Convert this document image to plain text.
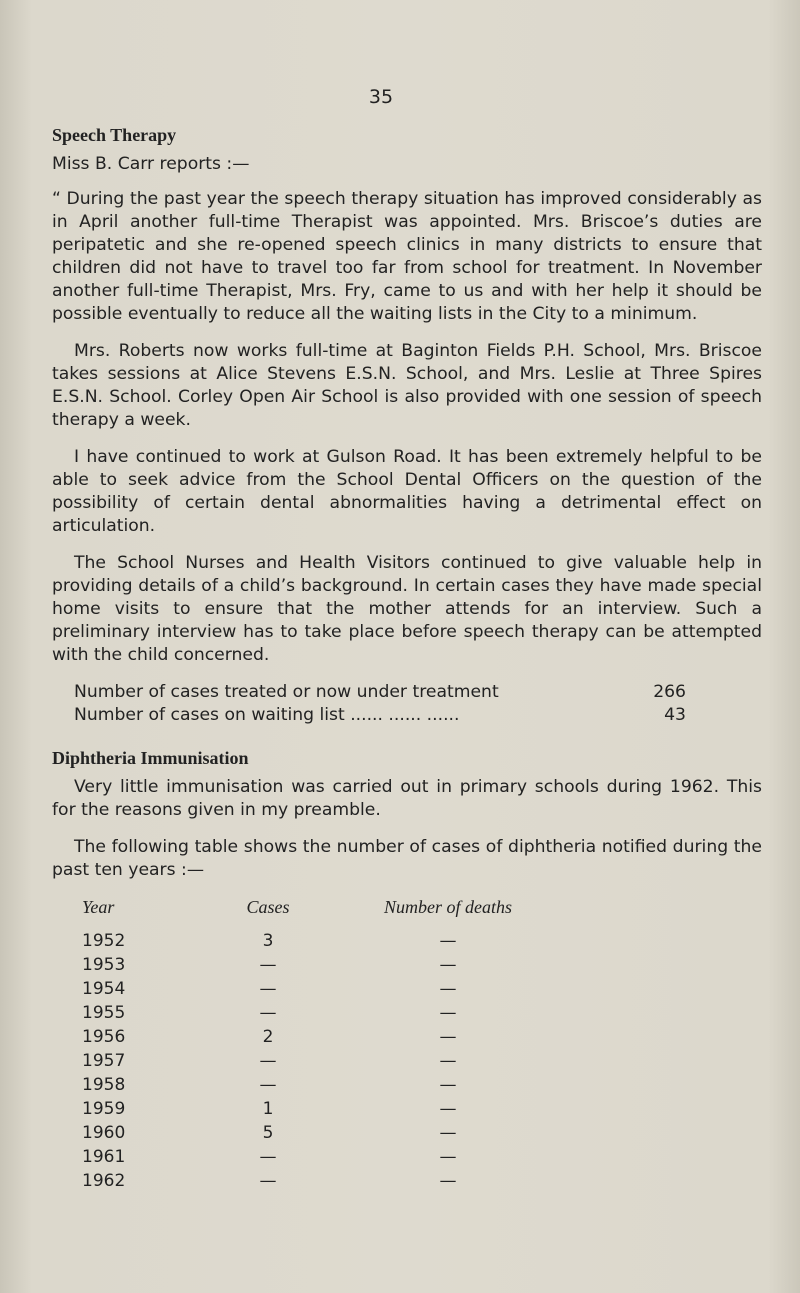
35
Speech Therapy

Miss B. Carr reports :—

“ During the past year the speech therapy situation has improved considerably as in April another full-time Therapist was appointed. Mrs. Briscoe’s duties are peripatetic and she re-opened speech clinics in many districts to ensure that children did not have to travel too far from school for treatment. In November another full-time Therapist, Mrs. Fry, came to us and with her help it should be possible eventually to reduce all the waiting lists in the City to a minimum.

Mrs. Roberts now works full-time at Baginton Fields P.H. School, Mrs. Briscoe takes sessions at Alice Stevens E.S.N. School, and Mrs. Leslie at Three Spires E.S.N. School. Corley Open Air School is also provided with one session of speech therapy a week.

I have continued to work at Gulson Road. It has been extremely helpful to be able to seek advice from the School Dental Officers on the question of the possibility of certain dental abnormalities having a detrimental effect on articulation.

The School Nurses and Health Visitors continued to give valuable help in providing details of a child’s background. In certain cases they have made special home visits to ensure that the mother attends for an interview. Such a preliminary interview has to take place before speech therapy can be attempted with the child concerned.

Number of cases treated or now under treatment	266
Number of cases on waiting list ...... ...... ......	43
Diphtheria Immunisation

Very little immunisation was carried out in primary schools during 1962. This for the reasons given in my preamble.

The following table shows the number of cases of diphtheria notified during the past ten years :—

Year	Cases	Number of deaths
1952	3	—
1953	—	—
1954	—	—
1955	—	—
1956	2	—
1957	—	—
1958	—	—
1959	1	—
1960	5	—
1961	—	—
1962	—	—
